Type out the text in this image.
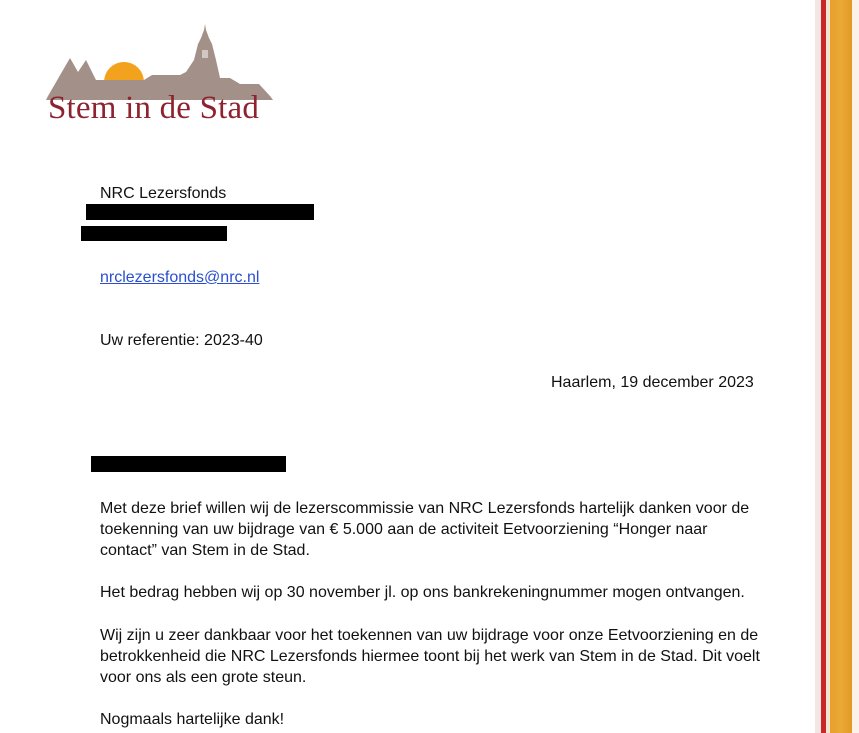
Stem in de Stad
NRC Lezersfonds
nrclezersfonds@nrc.nl
Uw referentie: 2023-40
Haarlem, 19 december 2023
Met deze brief willen wij de lezerscommissie van NRC Lezersfonds hartelijk danken voor de toekenning van uw bijdrage van € 5.000 aan de activiteit Eetvoorziening “Honger naar contact” van Stem in de Stad.
Het bedrag hebben wij op 30 november jl. op ons bankrekeningnummer mogen ontvangen.
Wij zijn u zeer dankbaar voor het toekennen van uw bijdrage voor onze Eetvoorziening en de betrokkenheid die NRC Lezersfonds hiermee toont bij het werk van Stem in de Stad. Dit voelt voor ons als een grote steun.
Nogmaals hartelijke dank!
